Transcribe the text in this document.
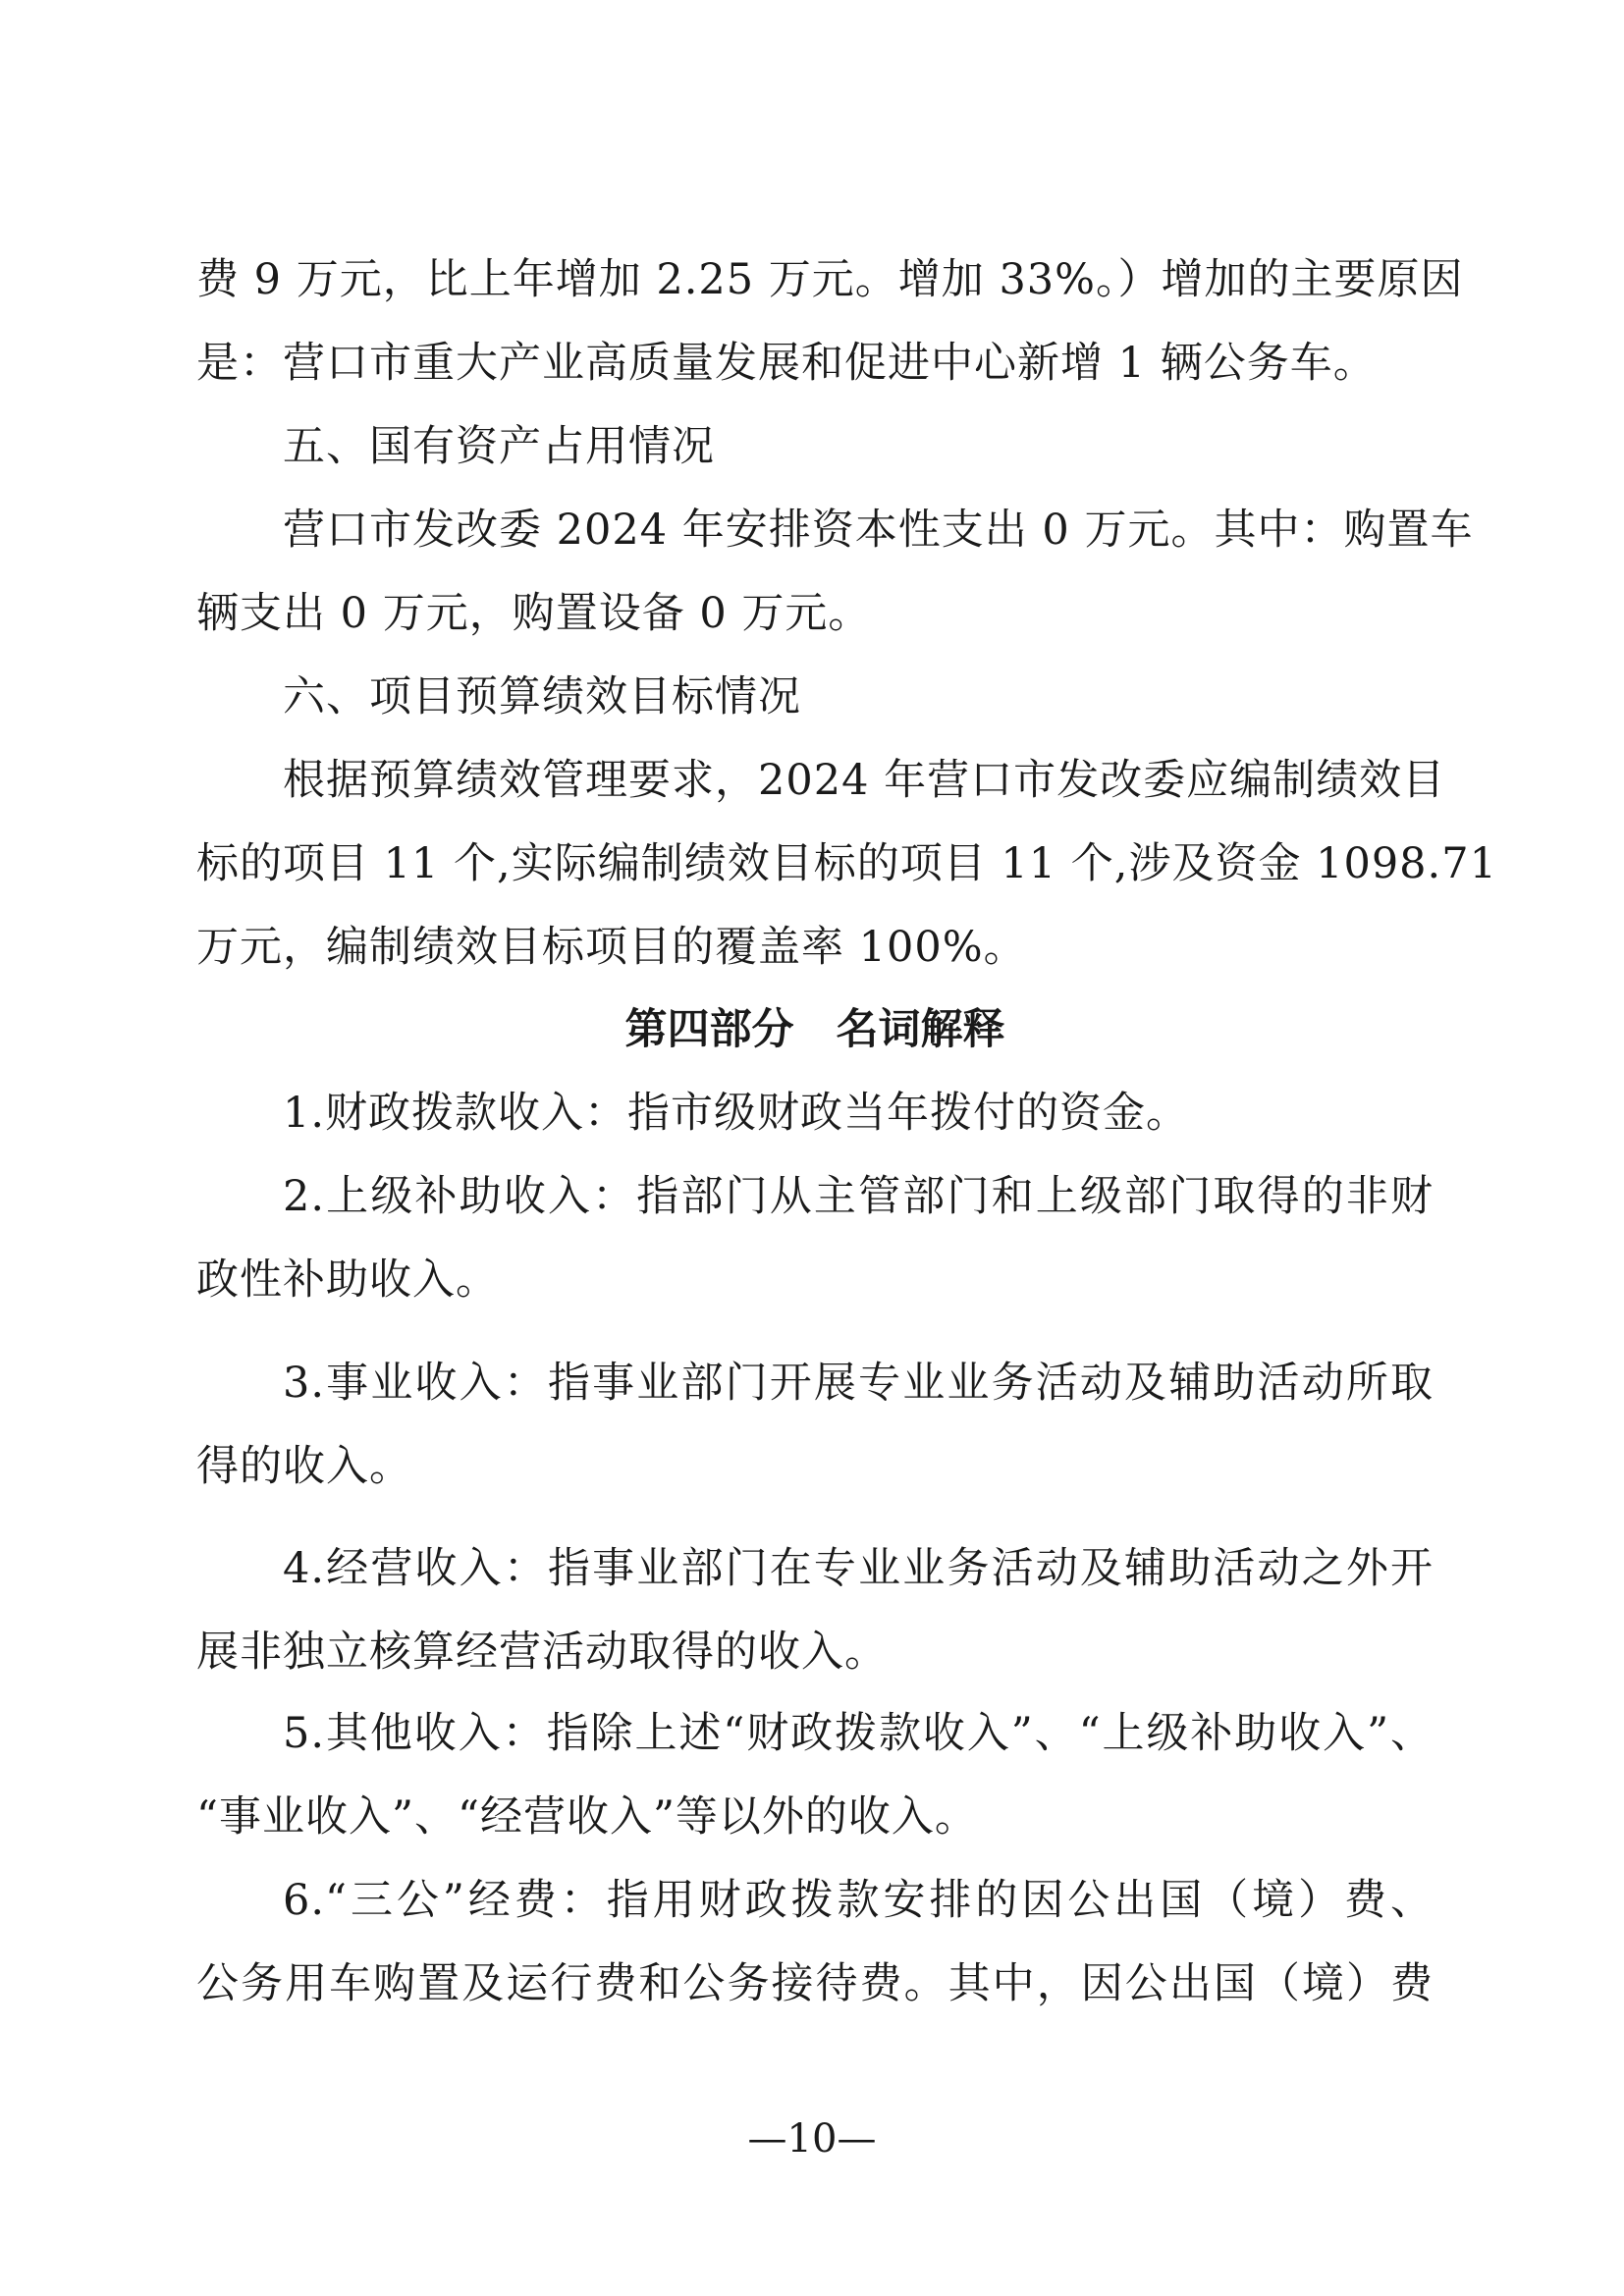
费 9 万元，比上年增加 2.25 万元。增加 33%。）增加的主要原因
是：营口市重大产业高质量发展和促进中心新增 1 辆公务车。
五、国有资产占用情况
营口市发改委 2024 年安排资本性支出 0 万元。其中：购置车
辆支出 0 万元，购置设备 0 万元。
六、项目预算绩效目标情况
根据预算绩效管理要求，2024 年营口市发改委应编制绩效目
标的项目 11 个,实际编制绩效目标的项目 11 个,涉及资金 1098.71
万元，编制绩效目标项目的覆盖率 100%。
第四部分　名词解释
1.财政拨款收入：指市级财政当年拨付的资金。
2.上级补助收入：指部门从主管部门和上级部门取得的非财
政性补助收入。
3.事业收入：指事业部门开展专业业务活动及辅助活动所取
得的收入。
4.经营收入：指事业部门在专业业务活动及辅助活动之外开
展非独立核算经营活动取得的收入。
5.其他收入：指除上述“财政拨款收入”、“上级补助收入”、
“事业收入”、“经营收入”等以外的收入。
6.“三公”经费：指用财政拨款安排的因公出国（境）费、
公务用车购置及运行费和公务接待费。其中，因公出国（境）费
—10—
